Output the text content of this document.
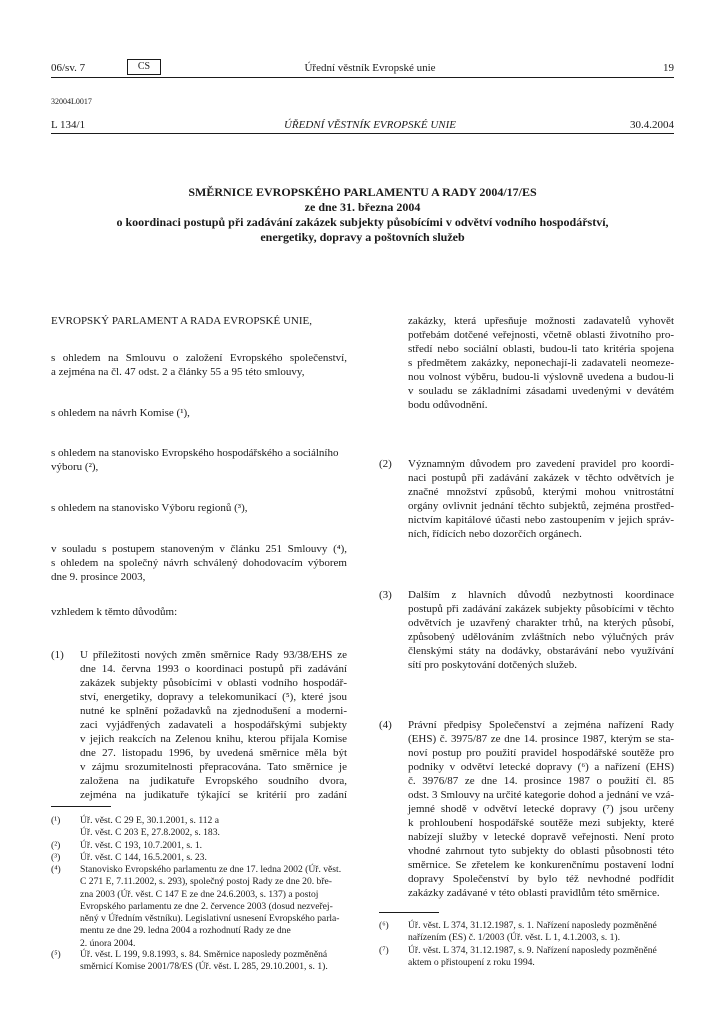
06/sv. 7	CS	Úřední věstník Evropské unie	19
32004L0017
L 134/1	ÚŘEDNÍ VĚSTNÍK EVROPSKÉ UNIE	30.4.2004
SMĚRNICE EVROPSKÉHO PARLAMENTU A RADY 2004/17/ES
ze dne 31. března 2004
o koordinaci postupů při zadávání zakázek subjekty působícími v odvětví vodního hospodářství,
energetiky, dopravy a poštovních služeb
EVROPSKÝ PARLAMENT A RADA EVROPSKÉ UNIE,
s ohledem na Smlouvu o založení Evropského společenství,
a zejména na čl. 47 odst. 2 a články 55 a 95 této smlouvy,
s ohledem na návrh Komise (¹),
s ohledem na stanovisko Evropského hospodářského a sociálního
výboru (²),
s ohledem na stanovisko Výboru regionů (³),
v souladu s postupem stanoveným v článku 251 Smlouvy (⁴),
s ohledem na společný návrh schválený dohodovacím výborem
dne 9. prosince 2003,
vzhledem k těmto důvodům:
(1) U příležitosti nových změn směrnice Rady 93/38/EHS ze
dne 14. června 1993 o koordinaci postupů při zadávání
zakázek subjekty působícími v oblasti vodního hospodář-
ství, energetiky, dopravy a telekomunikací (⁵), které jsou
nutné ke splnění požadavků na zjednodušení a moderni-
zaci vyjádřených zadavateli a hospodářskými subjekty
v jejich reakcích na Zelenou knihu, kterou přijala Komise
dne 27. listopadu 1996, by uvedená směrnice měla být
v zájmu srozumitelnosti přepracována. Tato směrnice je
založena na judikatuře Evropského soudního dvora,
zejména na judikatuře týkající se kritérií pro zadání
(¹) Úř. věst. C 29 E, 30.1.2001, s. 112 a
Úř. věst. C 203 E, 27.8.2002, s. 183.
(²) Úř. věst. C 193, 10.7.2001, s. 1.
(³) Úř. věst. C 144, 16.5.2001, s. 23.
(⁴) Stanovisko Evropského parlamentu ze dne 17. ledna 2002 (Úř. věst.
C 271 E, 7.11.2002, s. 293), společný postoj Rady ze dne 20. bře-
zna 2003 (Úř. věst. C 147 E ze dne 24.6.2003, s. 137) a postoj
Evropského parlamentu ze dne 2. července 2003 (dosud nezveřej-
něný v Úředním věstníku). Legislativní usnesení Evropského parla-
mentu ze dne 29. ledna 2004 a rozhodnutí Rady ze dne
2. února 2004.
(⁵) Úř. věst. L 199, 9.8.1993, s. 84. Směrnice naposledy pozměněná
směrnicí Komise 2001/78/ES (Úř. věst. L 285, 29.10.2001, s. 1).
zakázky, která upřesňuje možnosti zadavatelů vyhovět
potřebám dotčené veřejnosti, včetně oblasti životního pro-
středí nebo sociální oblasti, budou-li tato kritéria spojena
s předmětem zakázky, neponechají-li zadavateli neomeze-
nou volnost výběru, budou-li výslovně uvedena a budou-li
v souladu se základními zásadami uvedenými v devátém
bodu odůvodnění.
(2) Významným důvodem pro zavedení pravidel pro koordi-
naci postupů při zadávání zakázek v těchto odvětvích je
značné množství způsobů, kterými mohou vnitrostátní
orgány ovlivnit jednání těchto subjektů, zejména prostřed-
nictvím kapitálové účasti nebo zastoupením v jejich správ-
ních, řídících nebo dozorčích orgánech.
(3) Dalším z hlavních důvodů nezbytnosti koordinace
postupů při zadávání zakázek subjekty působícími v těchto
odvětvích je uzavřený charakter trhů, na kterých působí,
způsobený udělováním zvláštních nebo výlučných práv
členskými státy na dodávky, obstarávání nebo využívání
sítí pro poskytování dotčených služeb.
(4) Právní předpisy Společenství a zejména nařízení Rady
(EHS) č. 3975/87 ze dne 14. prosince 1987, kterým se sta-
noví postup pro použití pravidel hospodářské soutěže pro
podniky v odvětví letecké dopravy (⁶) a nařízení (EHS)
č. 3976/87 ze dne 14. prosince 1987 o použití čl. 85
odst. 3 Smlouvy na určité kategorie dohod a jednání ve vzá-
jemné shodě v odvětví letecké dopravy (⁷) jsou určeny
k prohloubení hospodářské soutěže mezi subjekty, které
nabízejí služby v letecké dopravě veřejnosti. Není proto
vhodné zahrnout tyto subjekty do oblasti působnosti této
směrnice. Se zřetelem ke konkurenčnímu postavení lodní
dopravy Společenství by bylo též nevhodné podřídit
zakázky zadávané v této oblasti pravidlům této směrnice.
(⁶) Úř. věst. L 374, 31.12.1987, s. 1. Nařízení naposledy pozměněné
nařízením (ES) č. 1/2003 (Úř. věst. L 1, 4.1.2003, s. 1).
(⁷) Úř. věst. L 374, 31.12.1987, s. 9. Nařízení naposledy pozměněné
aktem o přistoupení z roku 1994.
